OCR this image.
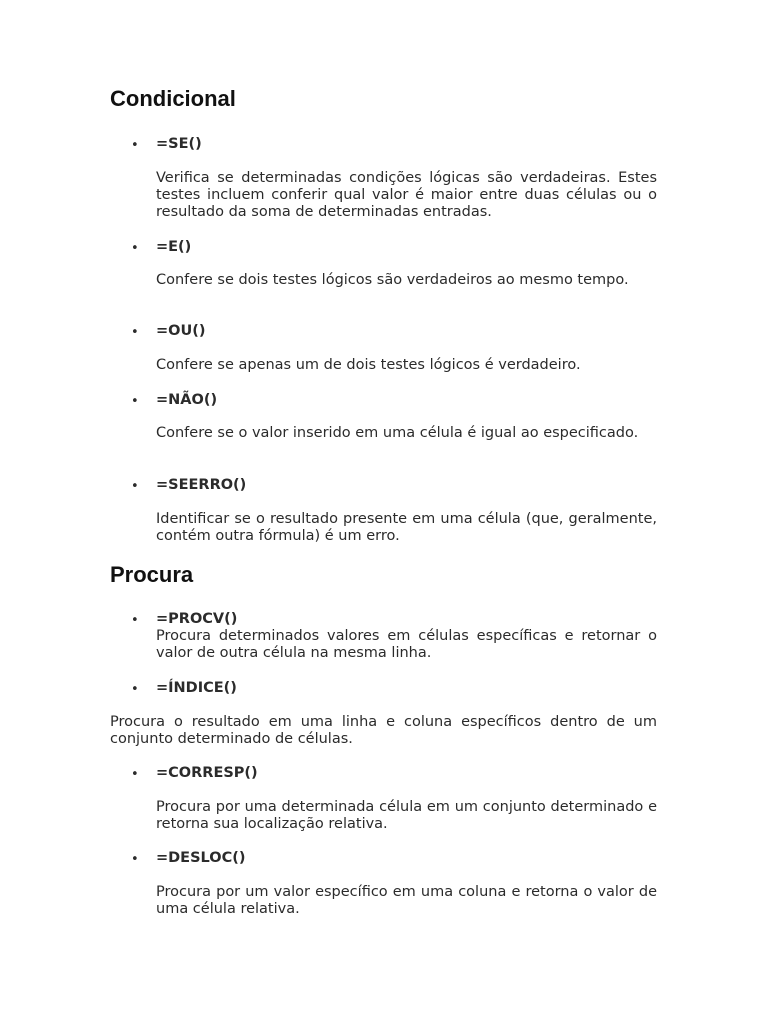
Condicional
• =SE()

Verifica se determinadas condições lógicas são verdadeiras. Estes testes incluem conferir qual valor é maior entre duas células ou o resultado da soma de determinadas entradas.

• =E()

Confere se dois testes lógicos são verdadeiros ao mesmo tempo.

• =OU()

Confere se apenas um de dois testes lógicos é verdadeiro.

• =NÃO()

Confere se o valor inserido em uma célula é igual ao especificado.

• =SEERRO()

Identificar se o resultado presente em uma célula (que, geralmente, contém outra fórmula) é um erro.

Procura
• =PROCV()

Procura determinados valores em células específicas e retornar o valor de outra célula na mesma linha.

• =ÍNDICE()

Procura o resultado em uma linha e coluna específicos dentro de um conjunto determinado de células.

• =CORRESP()

Procura por uma determinada célula em um conjunto determinado e retorna sua localização relativa.

• =DESLOC()

Procura por um valor específico em uma coluna e retorna o valor de uma célula relativa.
